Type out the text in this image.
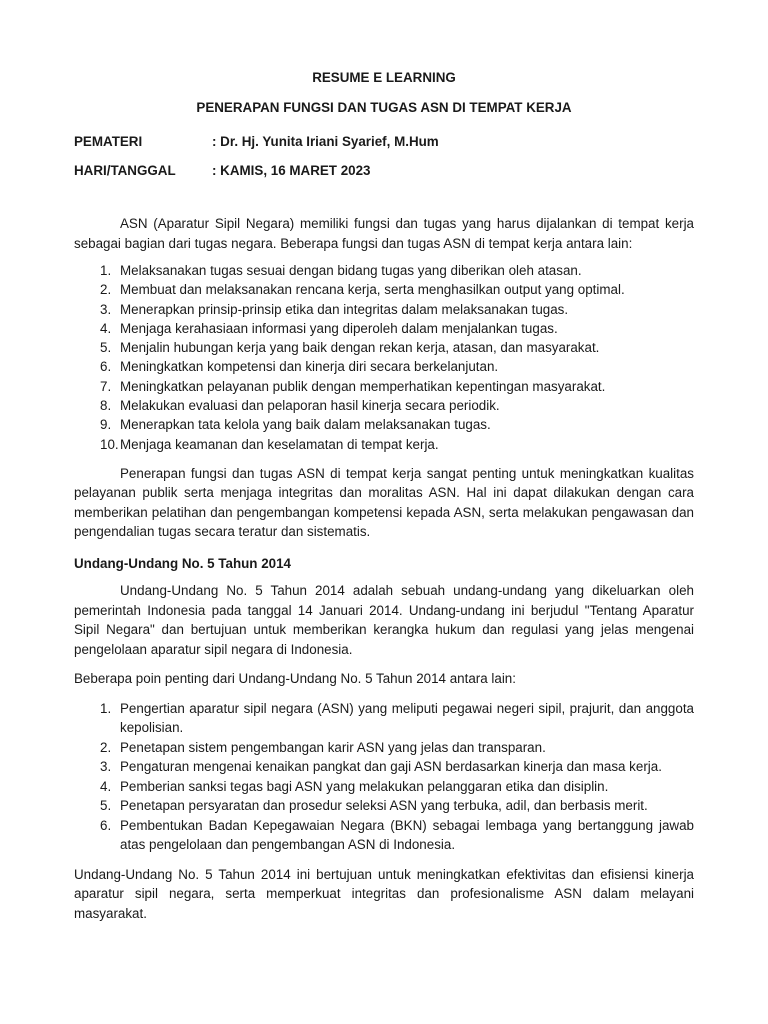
RESUME E LEARNING

PENERAPAN FUNGSI DAN TUGAS ASN DI TEMPAT KERJA

PEMATERI	: Dr. Hj. Yunita Iriani Syarief, M.Hum
HARI/TANGGAL	: KAMIS, 16 MARET 2023

ASN (Aparatur Sipil Negara) memiliki fungsi dan tugas yang harus dijalankan di tempat kerja sebagai bagian dari tugas negara. Beberapa fungsi dan tugas ASN di tempat kerja antara lain:

1. Melaksanakan tugas sesuai dengan bidang tugas yang diberikan oleh atasan.
2. Membuat dan melaksanakan rencana kerja, serta menghasilkan output yang optimal.
3. Menerapkan prinsip-prinsip etika dan integritas dalam melaksanakan tugas.
4. Menjaga kerahasiaan informasi yang diperoleh dalam menjalankan tugas.
5. Menjalin hubungan kerja yang baik dengan rekan kerja, atasan, dan masyarakat.
6. Meningkatkan kompetensi dan kinerja diri secara berkelanjutan.
7. Meningkatkan pelayanan publik dengan memperhatikan kepentingan masyarakat.
8. Melakukan evaluasi dan pelaporan hasil kinerja secara periodik.
9. Menerapkan tata kelola yang baik dalam melaksanakan tugas.
10. Menjaga keamanan dan keselamatan di tempat kerja.

Penerapan fungsi dan tugas ASN di tempat kerja sangat penting untuk meningkatkan kualitas pelayanan publik serta menjaga integritas dan moralitas ASN. Hal ini dapat dilakukan dengan cara memberikan pelatihan dan pengembangan kompetensi kepada ASN, serta melakukan pengawasan dan pengendalian tugas secara teratur dan sistematis.

Undang-Undang No. 5 Tahun 2014

Undang-Undang No. 5 Tahun 2014 adalah sebuah undang-undang yang dikeluarkan oleh pemerintah Indonesia pada tanggal 14 Januari 2014. Undang-undang ini berjudul "Tentang Aparatur Sipil Negara" dan bertujuan untuk memberikan kerangka hukum dan regulasi yang jelas mengenai pengelolaan aparatur sipil negara di Indonesia.

Beberapa poin penting dari Undang-Undang No. 5 Tahun 2014 antara lain:

1. Pengertian aparatur sipil negara (ASN) yang meliputi pegawai negeri sipil, prajurit, dan anggota kepolisian.
2. Penetapan sistem pengembangan karir ASN yang jelas dan transparan.
3. Pengaturan mengenai kenaikan pangkat dan gaji ASN berdasarkan kinerja dan masa kerja.
4. Pemberian sanksi tegas bagi ASN yang melakukan pelanggaran etika dan disiplin.
5. Penetapan persyaratan dan prosedur seleksi ASN yang terbuka, adil, dan berbasis merit.
6. Pembentukan Badan Kepegawaian Negara (BKN) sebagai lembaga yang bertanggung jawab atas pengelolaan dan pengembangan ASN di Indonesia.

Undang-Undang No. 5 Tahun 2014 ini bertujuan untuk meningkatkan efektivitas dan efisiensi kinerja aparatur sipil negara, serta memperkuat integritas dan profesionalisme ASN dalam melayani masyarakat.
